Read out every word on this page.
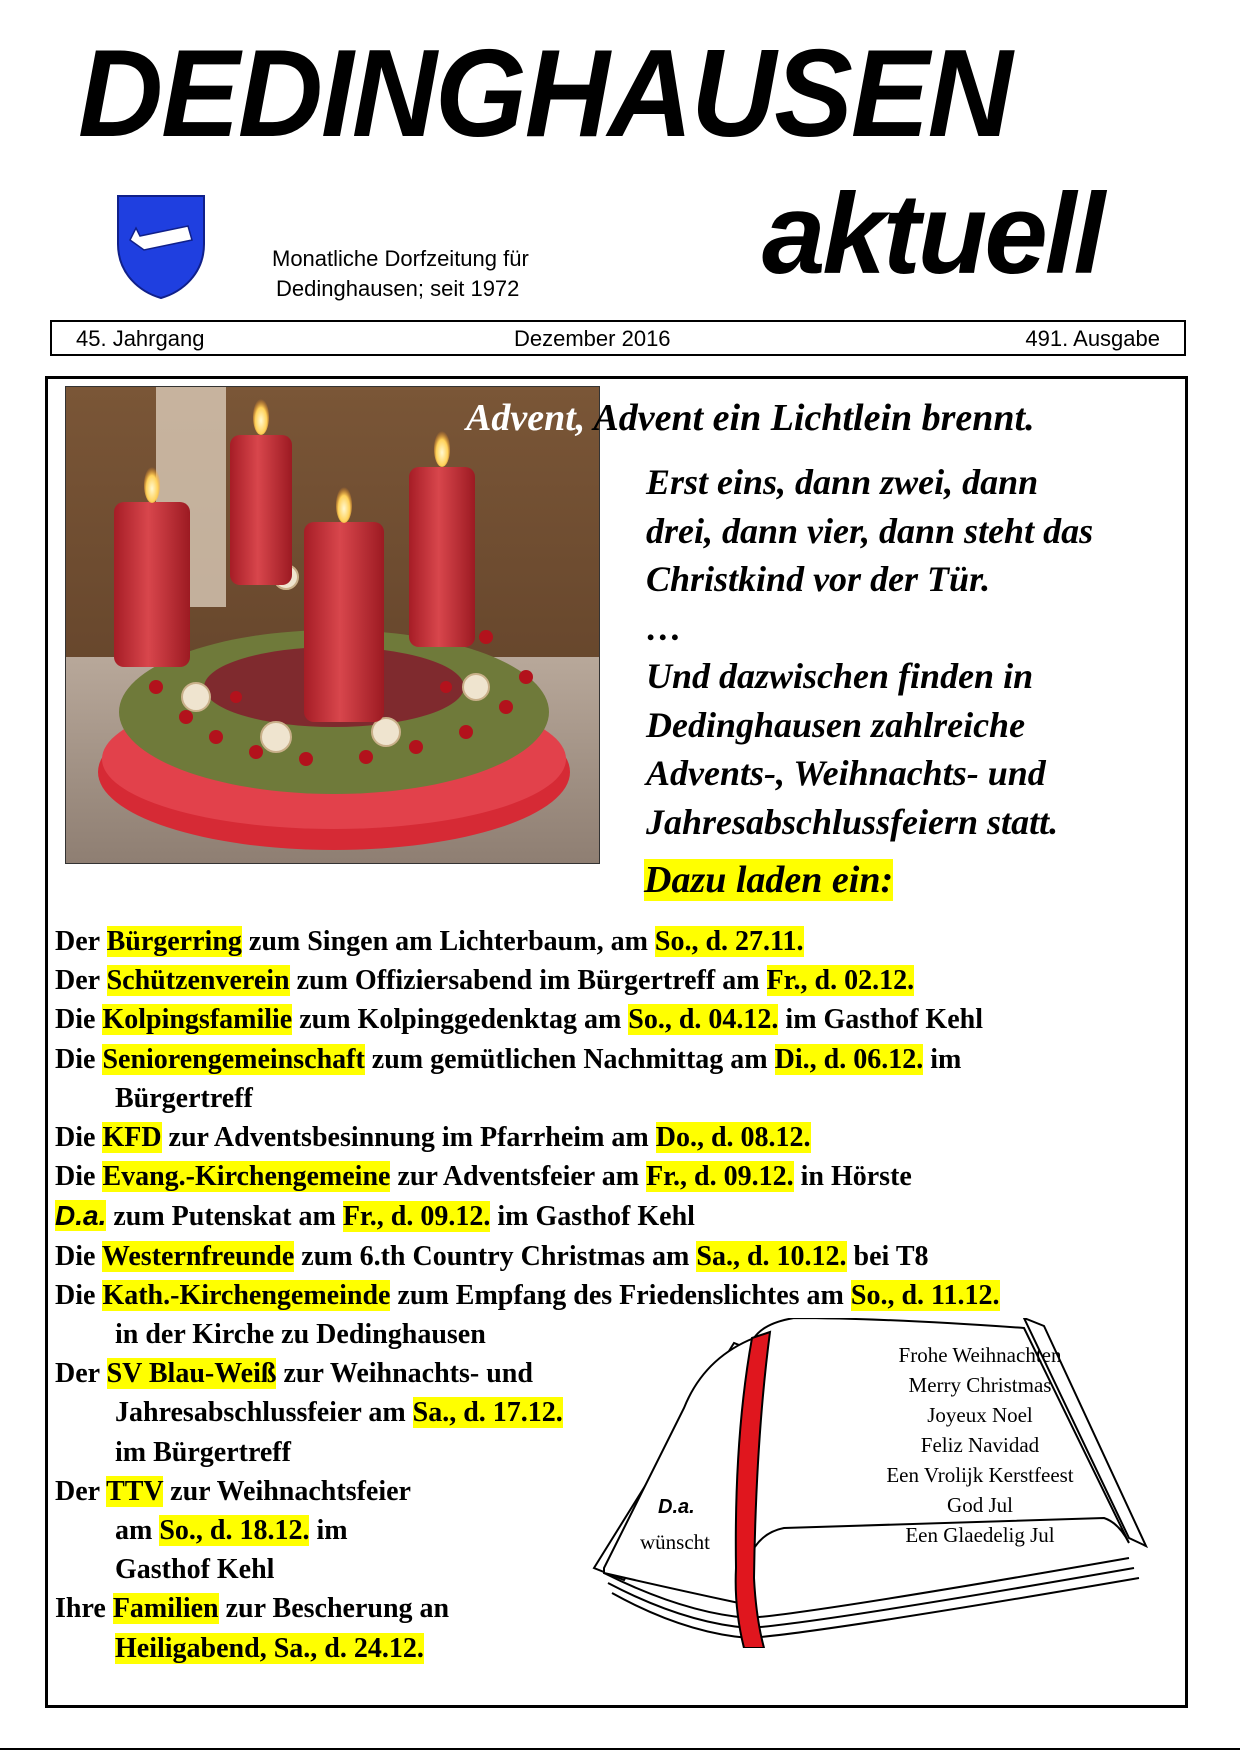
DEDINGHAUSEN
aktuell
Monatliche Dorfzeitung für
Dedinghausen; seit 1972
45. Jahrgang	Dezember 2016	491. Ausgabe
Advent, Advent ein Lichtlein brennt.
Erst eins, dann zwei, dann
drei, dann vier, dann steht das
Christkind vor der Tür.
…
Und dazwischen finden in
Dedinghausen zahlreiche
Advents-, Weihnachts- und
Jahresabschlussfeiern statt.
Dazu laden ein:
Der Bürgerring zum Singen am Lichterbaum, am So., d. 27.11.
Der Schützenverein zum Offiziersabend im Bürgertreff am Fr., d. 02.12.
Die Kolpingsfamilie zum Kolpinggedenktag am So., d. 04.12. im Gasthof Kehl
Die Seniorengemeinschaft zum gemütlichen Nachmittag am Di., d. 06.12. im
Bürgertreff
Die KFD zur Adventsbesinnung im Pfarrheim am Do., d. 08.12.
Die Evang.-Kirchengemeine zur Adventsfeier am Fr., d. 09.12. in Hörste
D.a. zum Putenskat am Fr., d. 09.12. im Gasthof Kehl
Die Westernfreunde zum 6.th Country Christmas am Sa., d. 10.12. bei T8
Die Kath.-Kirchengemeinde zum Empfang des Friedenslichtes am So., d. 11.12.
in der Kirche zu Dedinghausen
Der SV Blau-Weiß zur Weihnachts- und
Jahresabschlussfeier am Sa., d. 17.12.
im Bürgertreff
Der TTV zur Weihnachtsfeier
am So., d. 18.12. im
Gasthof Kehl
Ihre Familien zur Bescherung an
Heiligabend, Sa., d. 24.12.
Frohe Weihnachten
Merry Christmas
Joyeux Noel
Feliz Navidad
Een Vrolijk Kerstfeest
God Jul
Een Glaedelig Jul
D.a.
wünscht
